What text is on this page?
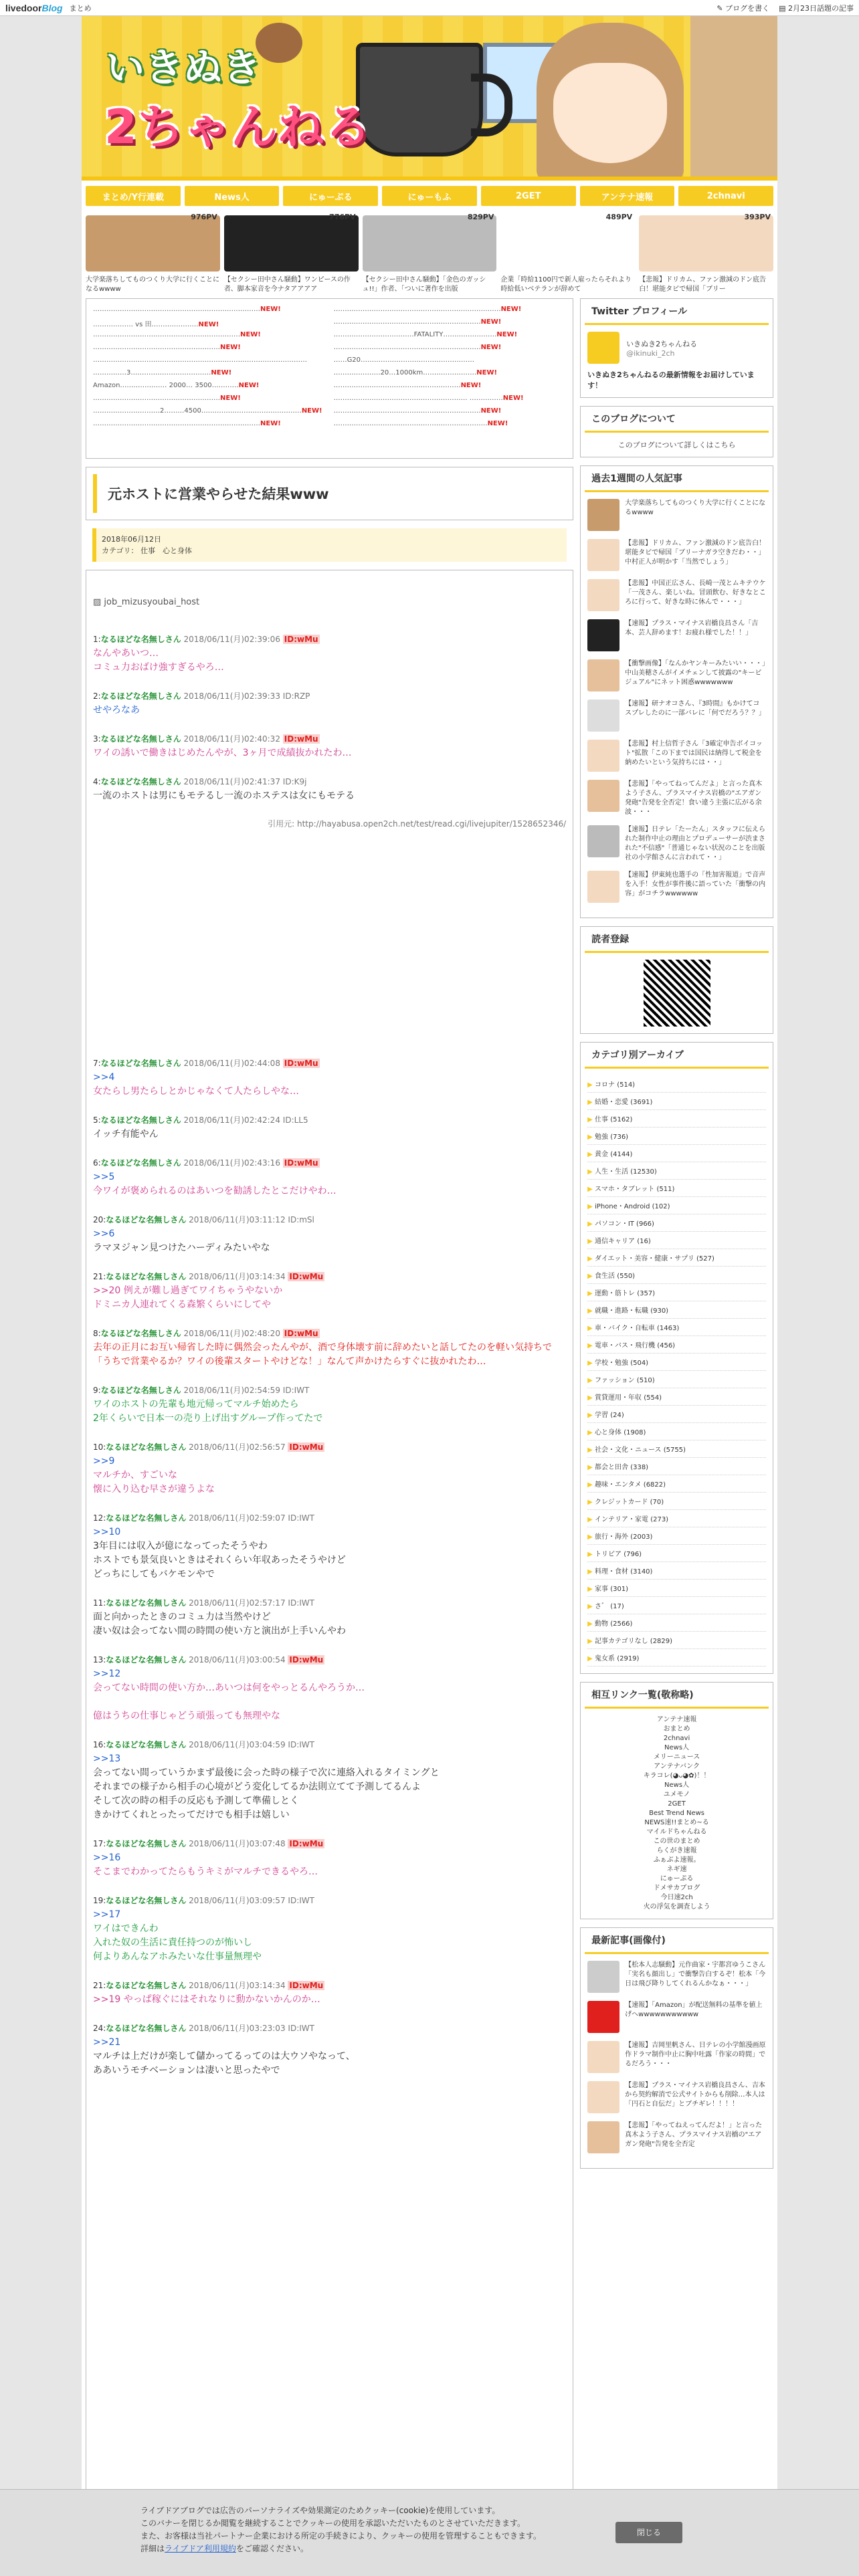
livedoorBlog まとめ	✎ ブログを書く ▤ 2月23日話題の記事
いきぬき
2ちゃんねる
まとめ/Y行連載	News人	にゅーぷる	にゅーもふ	2GET	アンテナ速報	2chnavi
976PV
大学楽落ちしてものつくり大学に行くことになるwwww
776PV
【セクシー田中さん騒動】ワンピースの作者、脚本家音を今ナタアアアア
829PV
【セクシー田中さん騒動】「金色のガッシュ!!」作者、「ついに著作を出版
489PV
企業「時給1100円で新人雇ったらそれより時給低いベテランが辞めて
393PV
【悲報】ドリカム、ファン激減のドン底告白！堪能タビで帰国「ブリー
…………………………………………………………………NEW!	…………………………………………………………………NEW!
……………… vs 田…………………NEW!	…………………………………………………………NEW!
…………………………………………………………NEW!	………………………………FATALITY……………………NEW!
…………………………………………………NEW!	…………………………………………………………NEW!
……………………………………………………………………………………	……G20……………………………………………
……………3………………………………NEW!	…………………20…1000km……………………NEW!
Amazon………………… 2000… 3500…………NEW!	…………………………………………………NEW!
…………………………………………………NEW!	…………………………………………………… ……………NEW!
…………………………2………4500………………………………………NEW!	…………………………………………………………NEW!
…………………………………………………………………NEW!	……………………………………………………………NEW!
元ホストに営業やらせた結果www
2018年06月12日
カテゴリ： 仕事　心と身体
▨ job_mizusyoubai_host
1:なるほどな名無しさん 2018/06/11(月)02:39:06 ID:wMu
なんやあいつ…
コミュ力おばけ強すぎるやろ…
2:なるほどな名無しさん 2018/06/11(月)02:39:33 ID:RZP
せやろなあ
3:なるほどな名無しさん 2018/06/11(月)02:40:32 ID:wMu
ワイの誘いで働きはじめたんやが、3ヶ月で成績抜かれたわ…
4:なるほどな名無しさん 2018/06/11(月)02:41:37 ID:K9j
一流のホストは男にもモテるし一流のホステスは女にもモテる
引用元: http://hayabusa.open2ch.net/test/read.cgi/livejupiter/1528652346/
7:なるほどな名無しさん 2018/06/11(月)02:44:08 ID:wMu
>>4
女たらし男たらしとかじゃなくて人たらしやな…
5:なるほどな名無しさん 2018/06/11(月)02:42:24 ID:LL5
イッチ有能やん
6:なるほどな名無しさん 2018/06/11(月)02:43:16 ID:wMu
>>5
今ワイが褒められるのはあいつを勧誘したとこだけやわ…
20:なるほどな名無しさん 2018/06/11(月)03:11:12 ID:mSl
>>6
ラマヌジャン見つけたハーディみたいやな
21:なるほどな名無しさん 2018/06/11(月)03:14:34 ID:wMu
>>20 例えが難し過ぎてワイちゃうやないか
ドミニカ人連れてくる森繁くらいにしてや
8:なるほどな名無しさん 2018/06/11(月)02:48:20 ID:wMu
去年の正月にお互い帰省した時に偶然会ったんやが、酒で身体壊す前に辞めたいと話してたのを軽い気持ちで
「うちで営業やるか？ワイの後輩スタートやけどな！」なんて声かけたらすぐに抜かれたわ…
9:なるほどな名無しさん 2018/06/11(月)02:54:59 ID:IWT
ワイのホストの先輩も地元帰ってマルチ始めたら
2年くらいで日本一の売り上げ出すグループ作ってたで
10:なるほどな名無しさん 2018/06/11(月)02:56:57 ID:wMu
>>9
マルチか、すごいな
懐に入り込む早さが違うよな
12:なるほどな名無しさん 2018/06/11(月)02:59:07 ID:IWT
>>10
3年目には収入が億になってったそうやわ
ホストでも景気良いときはそれくらい年収あったそうやけど
どっちにしてもバケモンやで
11:なるほどな名無しさん 2018/06/11(月)02:57:17 ID:IWT
面と向かったときのコミュ力は当然やけど
凄い奴は会ってない間の時間の使い方と演出が上手いんやわ
13:なるほどな名無しさん 2018/06/11(月)03:00:54 ID:wMu
>>12
会ってない時間の使い方か…あいつは何をやっとるんやろうか…
億はうちの仕事じゃどう頑張っても無理やな
16:なるほどな名無しさん 2018/06/11(月)03:04:59 ID:IWT
>>13
会ってない間っていうかまず最後に会った時の様子で次に連絡入れるタイミングと
それまでの様子から相手の心境がどう変化してるか法則立てて予測してるんよ
そして次の時の相手の反応も予測して準備しとく
きかけてくれとったってだけでも相手は嬉しい
17:なるほどな名無しさん 2018/06/11(月)03:07:48 ID:wMu
>>16
そこまでわかってたらもうキミがマルチできるやろ…
19:なるほどな名無しさん 2018/06/11(月)03:09:57 ID:IWT
>>17
ワイはできんわ
入れた奴の生活に責任持つのが怖いし
何よりあんなアホみたいな仕事量無理や
21:なるほどな名無しさん 2018/06/11(月)03:14:34 ID:wMu
>>19 やっぱ稼ぐにはそれなりに動かないかんのか…
24:なるほどな名無しさん 2018/06/11(月)03:23:03 ID:IWT
>>21
マルチは上だけが楽して儲かってるってのは大ウソやなって、
ああいうモチベーションは凄いと思ったやで
Twitter プロフィール
いきぬき2ちゃんねる
@ikinuki_2ch
いきぬき2ちゃんねるの最新情報をお届けしています！
このブログについて
このブログについて詳しくはこちら
過去1週間の人気記事
大学楽落ちしてものつくり大学に行くことになるwwww
【悲報】ドリカム、ファン激減のドン底告白！堪能タビで帰国「ブリーナガラ空きだわ・・」中村正人が明かす「当然でしょう」
【悲報】中国正広さん、長崎一茂とムキテウケ「一茂さん、楽しいね。冒頭飲む、好きなところに行って、好きな時に休んで・・・」
【速報】プラス・マイナス岩橋良昌さん「吉本、芸人辞めます！お疲れ様でした！！」
【衝撃画像】「なんかヤンキーみたいい・・・」中山美穂さんがイメチェンして披露の"キービジュアル"にネット困惑wwwwwww
【速報】研ナオコさん、『3時間』もかけてコスプレしたのに一部バレに「何でだろう？？」
【悲報】村上信哲子さん「3確定申告ボイコット"拡散「この下までは国民は納得して税金を納めたいという気持ちには・・」
【悲報】「やってねってんだよ」と言った真木よう子さん、プラスマイナス岩橋の"エアガン発砲"告発を全否定！食い違う主張に広がる余波・・・
【速報】日テレ「たーたん」スタッフに伝えられた制作中止の理由とプロデューサーが渋まされた"不信感"「普通じゃない状況のことを出版社の小学館さんに言われて・・」
【速報】伊東純也選手の「性加害報道」で音声を入手！女性が事件後に語っていた「衝撃の内容」がコチラwwwwww
読者登録
カテゴリ別アーカイブ
▶ コロナ (514)
▶ 結婚・恋愛 (3691)
▶ 仕事 (5162)
▶ 勉強 (736)
▶ 黄金 (4144)
▶ 人生・生活 (12530)
▶ スマホ・タブレット (511)
▶ iPhone・Android (102)
▶ パソコン・IT (966)
▶ 通信キャリア (16)
▶ ダイエット・美容・健康・サプリ (527)
▶ 食生活 (550)
▶ 運動・筋トレ (357)
▶ 就職・進路・転職 (930)
▶ 車・バイク・自転車 (1463)
▶ 電車・バス・飛行機 (456)
▶ 学校・勉強 (504)
▶ ファッション (510)
▶ 賞貸運用・年収 (554)
▶ 学習 (24)
▶ 心と身体 (1908)
▶ 社会・文化・ニュース (5755)
▶ 都会と田舎 (338)
▶ 趣味・エンタメ (6822)
▶ クレジットカード (70)
▶ インテリア・家電 (273)
▶ 旅行・海外 (2003)
▶ トリビア (796)
▶ 料理・食材 (3140)
▶ 家事 (301)
▶ さ゛ (17)
▶ 動物 (2566)
▶ 記事カテゴリなし (2829)
▶ 鬼女系 (2919)
相互リンク一覧(敬称略)
アンテナ速報
おまとめ
2chnavi
News人
メリーニュース
アンテナバンク
キラコレ(◕ᴗ◕✿)！！
News人
ユメモノ
2GET
Best Trend News
NEWS速!!まとめ~る
マイルドちゃんねる
この世のまとめ
らくがき速報
ふぁぶよ速報。
ネギ速
にゅーぷる
ドメサカブログ
今日速2ch
火の浮気を調査しよう
最新記事(画像付)
【松本人志騒動】元作曲家・宇都宮ゆうこさん「実名も顔出し」で衝撃告白するぞ！松本「今日は飛び降りしてくれるんかなぁ・・・」
【速報】「Amazon」が配送無料の基準を値上げへwwwwwwwwwww
【速報】吉岡里帆さん、日テレの小学館漫画原作ドラマ制作中止に胸中吐露「作家の時間」でるだろう・・・
【悲報】プラス・マイナス岩橋良昌さん、吉本から契約解消で公式サイトからも削除…本人は「円石と自伝だ」とブチギレ！！！！
【悲報】「やってねえってんだよ！」と言った真木よう子さん、プラスマイナス岩橋の"エアガン発砲"告発を全否定
ライブドアブログでは広告のパーソナライズや効果測定のためクッキー(cookie)を使用しています。
このバナーを閉じるか閲覧を継続することでクッキーの使用を承認いただいたものとさせていただきます。
また、お客様は当社パートナー企業における所定の手続きにより、クッキーの使用を管理することもできます。
詳細はライブドア利用規約をご確認ください。
閉じる
